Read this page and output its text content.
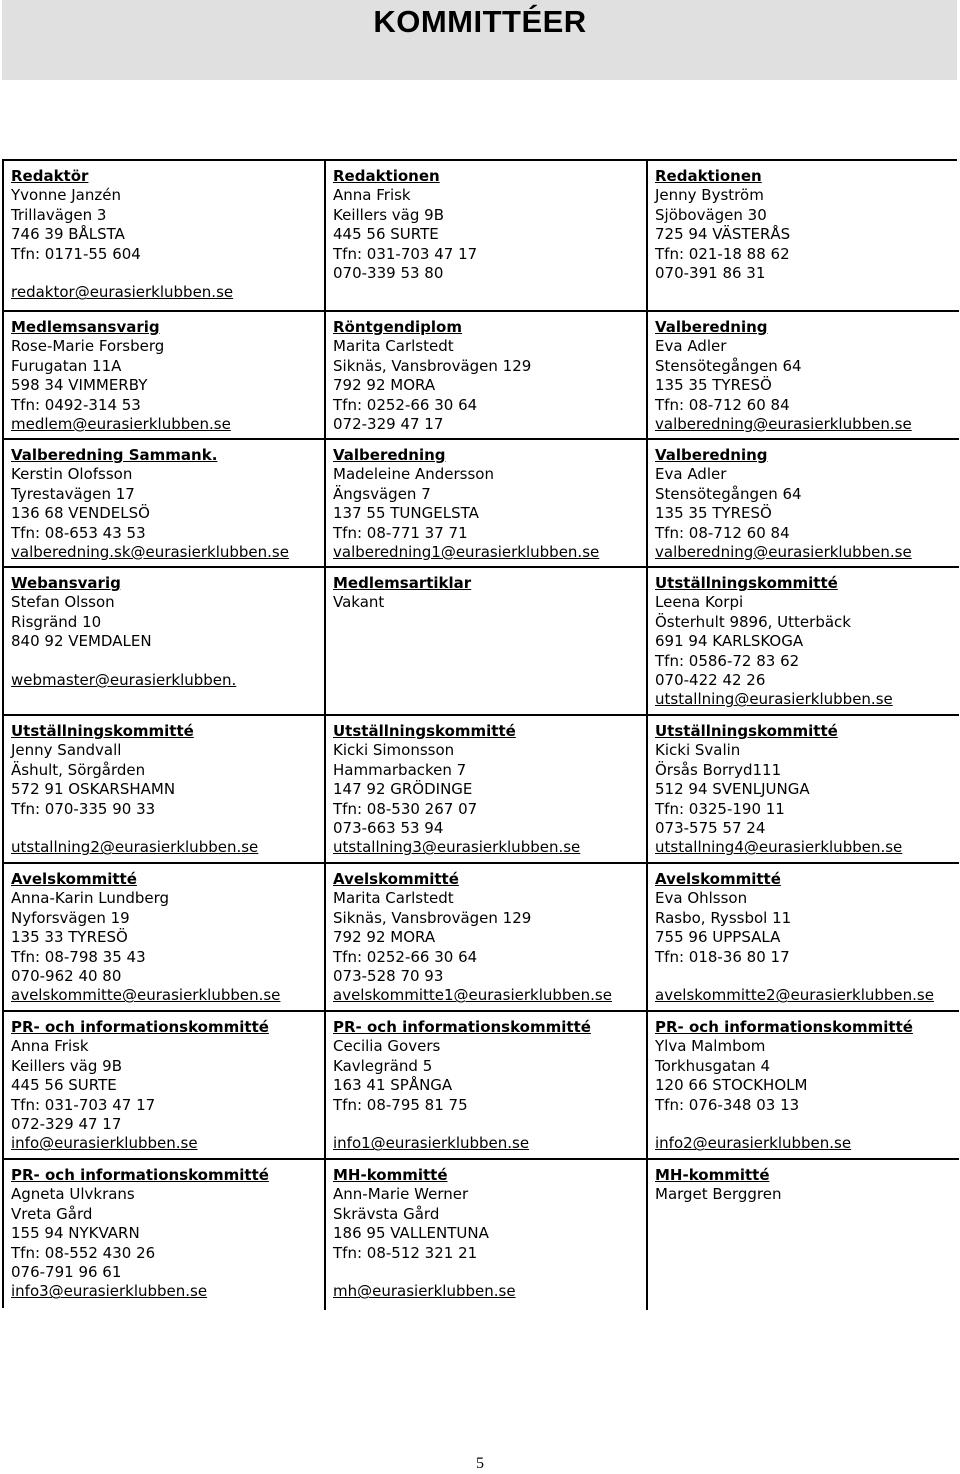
KOMMITTÉER
Redaktör
Yvonne Janzén
Trillavägen 3
746 39 BÅLSTA
Tfn: 0171-55 604
redaktor@eurasierklubben.se
Redaktionen
Anna Frisk
Keillers väg 9B
445 56 SURTE
Tfn: 031-703 47 17
070-339 53 80
Redaktionen
Jenny Byström
Sjöbovägen 30
725 94 VÄSTERÅS
Tfn: 021-18 88 62
070-391 86 31
Medlemsansvarig
Rose-Marie Forsberg
Furugatan 11A
598 34 VIMMERBY
Tfn: 0492-314 53
medlem@eurasierklubben.se
Röntgendiplom
Marita Carlstedt
Siknäs, Vansbrovägen 129
792 92 MORA
Tfn: 0252-66 30 64
072-329 47 17
Valberedning
Eva Adler
Stensötegången 64
135 35 TYRESÖ
Tfn: 08-712 60 84
valberedning@eurasierklubben.se
Valberedning Sammank.
Kerstin Olofsson
Tyrestavägen 17
136 68 VENDELSÖ
Tfn: 08-653 43 53
valberedning.sk@eurasierklubben.se
Valberedning
Madeleine Andersson
Ängsvägen 7
137 55 TUNGELSTA
Tfn: 08-771 37 71
valberedning1@eurasierklubben.se
Valberedning
Eva Adler
Stensötegången 64
135 35 TYRESÖ
Tfn: 08-712 60 84
valberedning@eurasierklubben.se
Webansvarig
Stefan Olsson
Risgränd 10
840 92 VEMDALEN
webmaster@eurasierklubben.
Medlemsartiklar
Vakant
Utställningskommitté
Leena Korpi
Österhult 9896, Utterbäck
691 94 KARLSKOGA
Tfn: 0586-72 83 62
070-422 42 26
utstallning@eurasierklubben.se
Utställningskommitté
Jenny Sandvall
Äshult, Sörgården
572 91 OSKARSHAMN
Tfn: 070-335 90 33
utstallning2@eurasierklubben.se
Utställningskommitté
Kicki Simonsson
Hammarbacken 7
147 92 GRÖDINGE
Tfn: 08-530 267 07
073-663 53 94
utstallning3@eurasierklubben.se
Utställningskommitté
Kicki Svalin
Örsås Borryd111
512 94 SVENLJUNGA
Tfn: 0325-190 11
073-575 57 24
utstallning4@eurasierklubben.se
Avelskommitté
Anna-Karin Lundberg
Nyforsvägen 19
135 33 TYRESÖ
Tfn: 08-798 35 43
070-962 40 80
avelskommitte@eurasierklubben.se
Avelskommitté
Marita Carlstedt
Siknäs, Vansbrovägen 129
792 92 MORA
Tfn: 0252-66 30 64
073-528 70 93
avelskommitte1@eurasierklubben.se
Avelskommitté
Eva Ohlsson
Rasbo, Ryssbol 11
755 96 UPPSALA
Tfn: 018-36 80 17
avelskommitte2@eurasierklubben.se
PR- och informationskommitté
Anna Frisk
Keillers väg 9B
445 56 SURTE
Tfn: 031-703 47 17
072-329 47 17
info@eurasierklubben.se
PR- och informationskommitté
Cecilia Govers
Kavlegränd 5
163 41 SPÅNGA
Tfn: 08-795 81 75
info1@eurasierklubben.se
PR- och informationskommitté
Ylva Malmbom
Torkhusgatan 4
120 66 STOCKHOLM
Tfn: 076-348 03 13
info2@eurasierklubben.se
PR- och informationskommitté
Agneta Ulvkrans
Vreta Gård
155 94 NYKVARN
Tfn: 08-552 430 26
076-791 96 61
info3@eurasierklubben.se
MH-kommitté
Ann-Marie Werner
Skrävsta Gård
186 95 VALLENTUNA
Tfn: 08-512 321 21
mh@eurasierklubben.se
MH-kommitté
Marget Berggren
5
